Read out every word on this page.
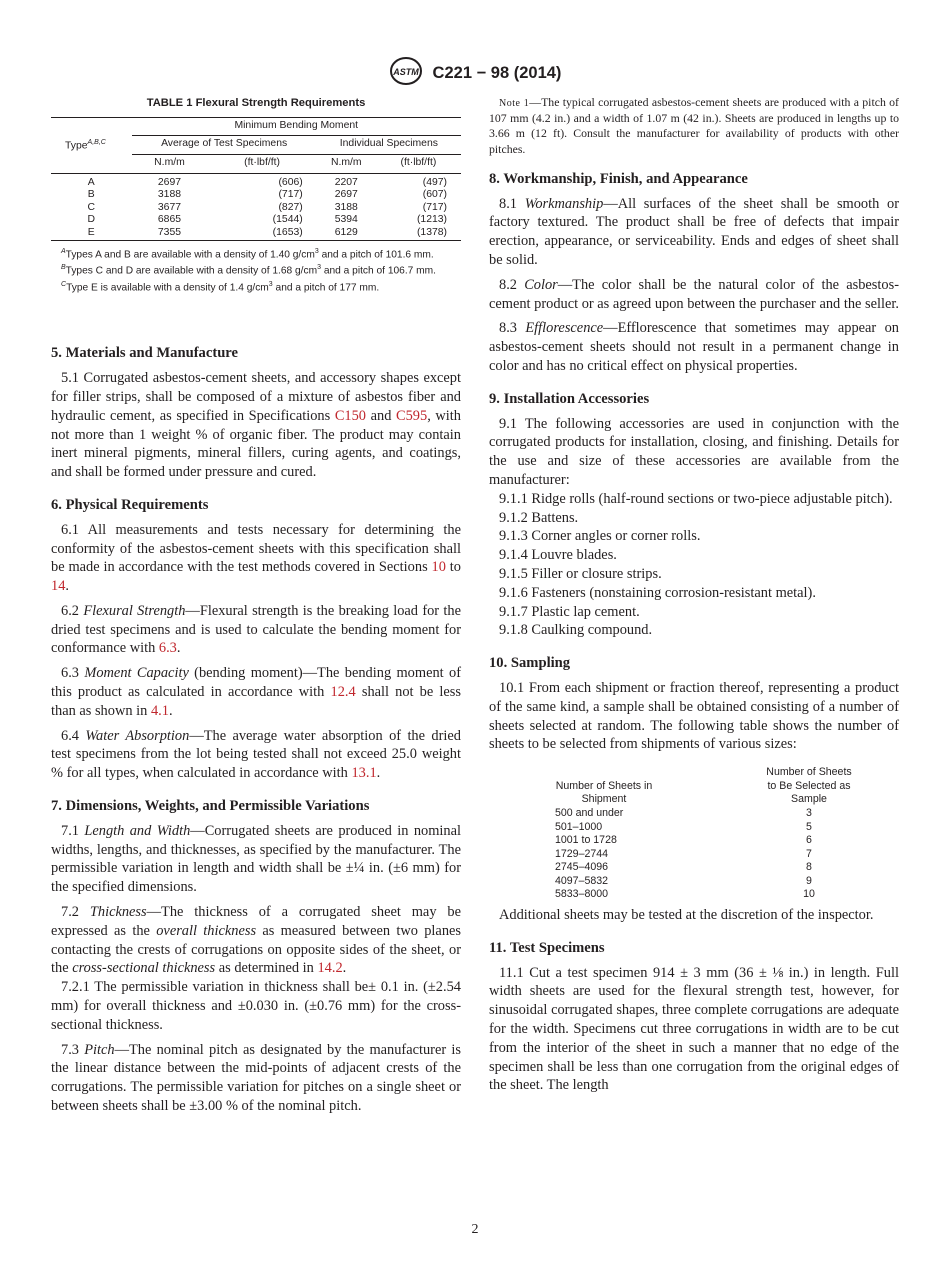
ASTM C221 − 98 (2014)
TABLE 1 Flexural Strength Requirements
Type$^{A,B,C}$	Minimum Bending Moment			
	Average of Test Specimens		Individual Specimens	
	N.m/m	(ft·lbf/ft)	N.m/m	(ft·lbf/ft)
A	2697	(606)	2207	(497)
B	3188	(717)	2697	(607)
C	3677	(827)	3188	(717)
D	6865	(1544)	5394	(1213)
E	7355	(1653)	6129	(1378)

$^A$Types A and B are available with a density of 1.40 $g/cm^3$ and a pitch of 101.6 mm.

$^B$Types C and D are available with a density of 1.68 $g/cm^3$ and a pitch of 106.7 mm.

$^C$Type E is available with a density of 1.4 $g/cm^3$ and a pitch of 177 mm.

5. Materials and Manufacture

5.1 Corrugated asbestos-cement sheets, and accessory shapes except for filler strips, shall be composed of a mixture of asbestos fiber and hydraulic cement, as specified in Specifications C150 and C595, with not more than 1 weight % of organic fiber. The product may contain inert mineral pigments, mineral fillers, curing agents, and coatings, and shall be formed under pressure and cured.

6. Physical Requirements

6.1 All measurements and tests necessary for determining the conformity of the asbestos-cement sheets with this specification shall be made in accordance with the test methods covered in Sections 10 to 14.

6.2 Flexural Strength—Flexural strength is the breaking load for the dried test specimens and is used to calculate the bending moment for conformance with 6.3.

6.3 Moment Capacity (bending moment)—The bending moment of this product as calculated in accordance with 12.4 shall not be less than as shown in 4.1.

6.4 Water Absorption—The average water absorption of the dried test specimens from the lot being tested shall not exceed 25.0 weight % for all types, when calculated in accordance with 13.1.

7. Dimensions, Weights, and Permissible Variations

7.1 Length and Width—Corrugated sheets are produced in nominal widths, lengths, and thicknesses, as specified by the manufacturer. The permissible variation in length and width shall be ±¼ in. (±6 mm) for the specified dimensions.

7.2 Thickness—The thickness of a corrugated sheet may be expressed as the overall thickness as measured between two planes contacting the crests of corrugations on opposite sides of the sheet, or the cross-sectional thickness as determined in 14.2.

7.2.1 The permissible variation in thickness shall be± 0.1 in. (±2.54 mm) for overall thickness and ±0.030 in. (±0.76 mm) for the cross-sectional thickness.

7.3 Pitch—The nominal pitch as designated by the manufacturer is the linear distance between the mid-points of adjacent crests of the corrugations. The permissible variation for pitches on a single sheet or between sheets shall be ±3.00 % of the nominal pitch.

Note 1—The typical corrugated asbestos-cement sheets are produced with a pitch of 107 mm (4.2 in.) and a width of 1.07 m (42 in.). Sheets are produced in lengths up to 3.66 m (12 ft). Consult the manufacturer for availability of products with other pitches.

8. Workmanship, Finish, and Appearance

8.1 Workmanship—All surfaces of the sheet shall be smooth or factory textured. The product shall be free of defects that impair erection, appearance, or serviceability. Ends and edges of sheet shall be solid.

8.2 Color—The color shall be the natural color of the asbestos-cement product or as agreed upon between the purchaser and the seller.

8.3 Efflorescence—Efflorescence that sometimes may appear on asbestos-cement sheets should not result in a permanent change in color and has no critical effect on physical properties.

9. Installation Accessories

9.1 The following accessories are used in conjunction with the corrugated products for installation, closing, and finishing. Details for the use and size of these accessories are available from the manufacturer:

9.1.1 Ridge rolls (half-round sections or two-piece adjustable pitch).

9.1.2 Battens.

9.1.3 Corner angles or corner rolls.

9.1.4 Louvre blades.

9.1.5 Filler or closure strips.

9.1.6 Fasteners (nonstaining corrosion-resistant metal).

9.1.7 Plastic lap cement.

9.1.8 Caulking compound.

10. Sampling

10.1 From each shipment or fraction thereof, representing a product of the same kind, a sample shall be obtained consisting of a number of sheets selected at random. The following table shows the number of sheets to be selected from shipments of various sizes:

	Number of Sheets
Number of Sheets in	to Be Selected as
Shipment	Sample
500 and under	3
501–1000	5
1001 to 1728	6
1729–2744	7
2745–4096	8
4097–5832	9
5833–8000	10

Additional sheets may be tested at the discretion of the inspector.

11. Test Specimens

11.1 Cut a test specimen 914 ± 3 mm (36 ± ⅛ in.) in length. Full width sheets are used for the flexural strength test, however, for sinusoidal corrugated shapes, three complete corrugations are adequate for the width. Specimens cut three corrugations in width are to be cut from the interior of the sheet in such a manner that no edge of the specimen shall be less than one corrugation from the original edges of the sheet. The length

2
